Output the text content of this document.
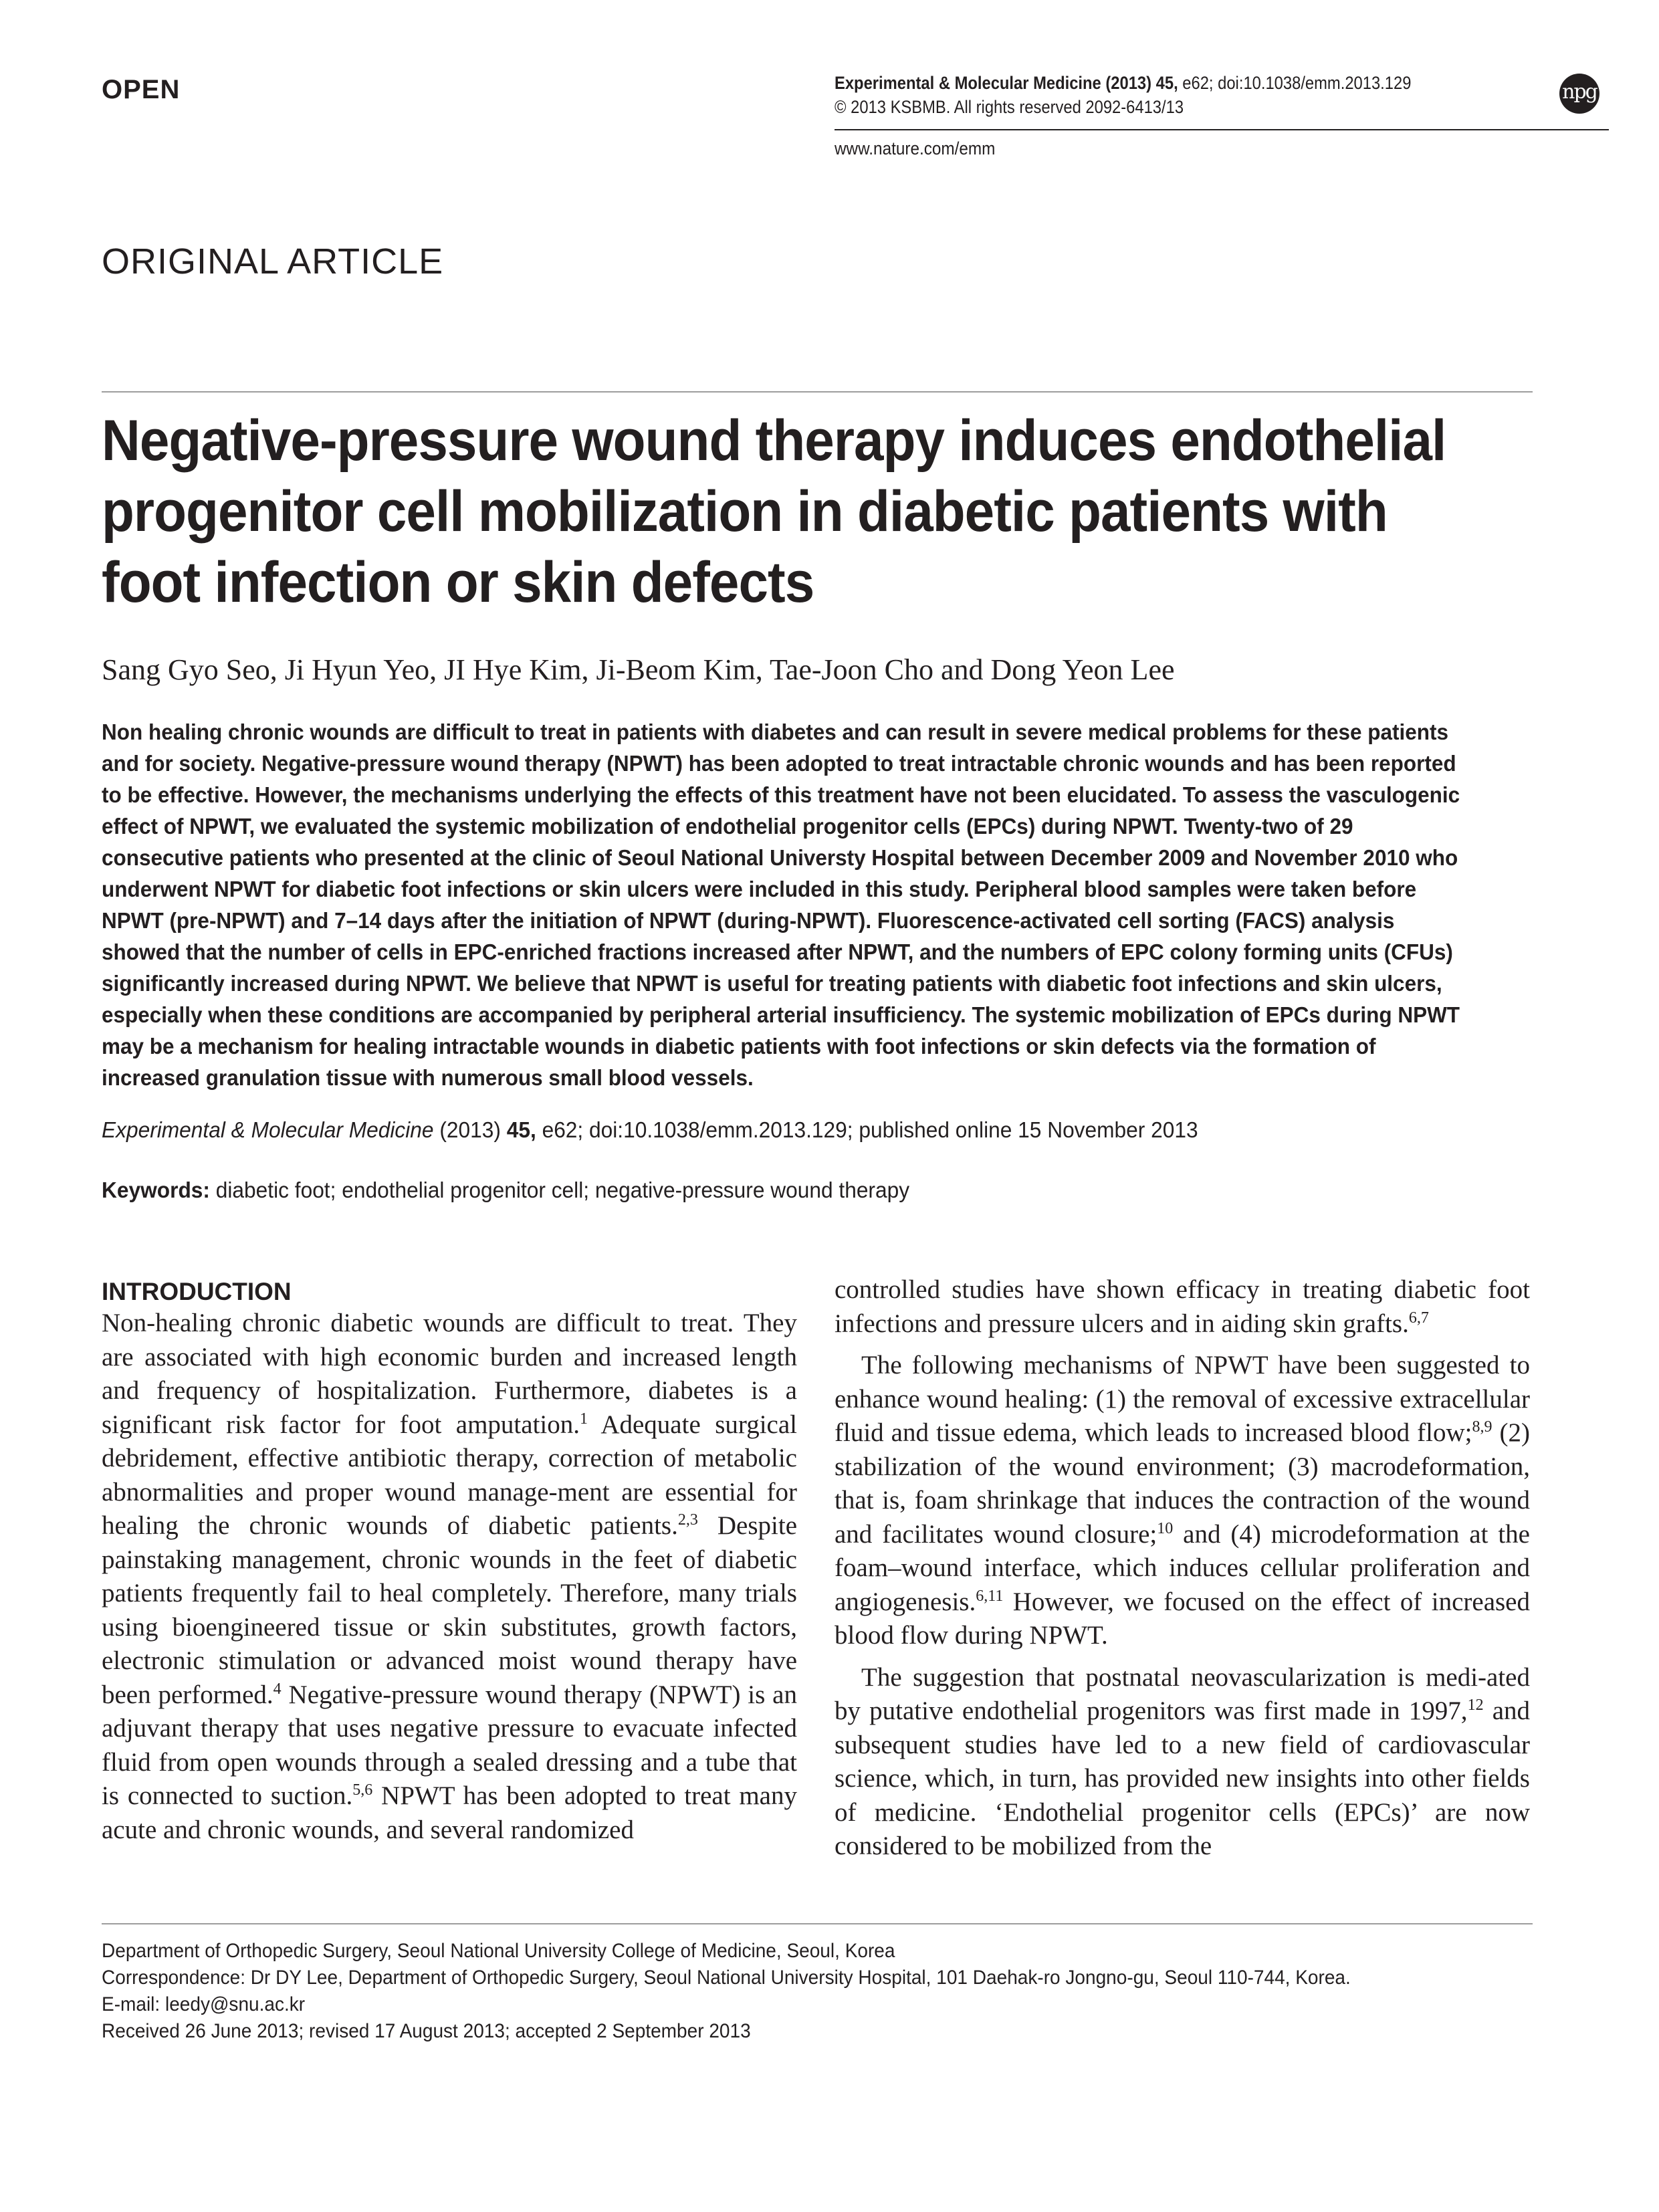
OPEN	Experimental & Molecular Medicine (2013) 45, e62; doi:10.1038/emm.2013.129
© 2013 KSBMB. All rights reserved 2092-6413/13
npg
www.nature.com/emm
ORIGINAL ARTICLE
Negative-pressure wound therapy induces endothelial progenitor cell mobilization in diabetic patients with foot infection or skin defects
Sang Gyo Seo, Ji Hyun Yeo, JI Hye Kim, Ji-Beom Kim, Tae-Joon Cho and Dong Yeon Lee
Non healing chronic wounds are difficult to treat in patients with diabetes and can result in severe medical problems for these patients and for society. Negative-pressure wound therapy (NPWT) has been adopted to treat intractable chronic wounds and has been reported to be effective. However, the mechanisms underlying the effects of this treatment have not been elucidated. To assess the vasculogenic effect of NPWT, we evaluated the systemic mobilization of endothelial progenitor cells (EPCs) during NPWT. Twenty-two of 29 consecutive patients who presented at the clinic of Seoul National Universty Hospital between December 2009 and November 2010 who underwent NPWT for diabetic foot infections or skin ulcers were included in this study. Peripheral blood samples were taken before NPWT (pre-NPWT) and 7–14 days after the initiation of NPWT (during-NPWT). Fluorescence-activated cell sorting (FACS) analysis showed that the number of cells in EPC-enriched fractions increased after NPWT, and the numbers of EPC colony forming units (CFUs) significantly increased during NPWT. We believe that NPWT is useful for treating patients with diabetic foot infections and skin ulcers, especially when these conditions are accompanied by peripheral arterial insufficiency. The systemic mobilization of EPCs during NPWT may be a mechanism for healing intractable wounds in diabetic patients with foot infections or skin defects via the formation of increased granulation tissue with numerous small blood vessels.
Experimental & Molecular Medicine (2013) 45, e62; doi:10.1038/emm.2013.129; published online 15 November 2013
Keywords: diabetic foot; endothelial progenitor cell; negative-pressure wound therapy
INTRODUCTION

Non-healing chronic diabetic wounds are difficult to treat. They are associated with high economic burden and increased length and frequency of hospitalization. Furthermore, diabetes is a significant risk factor for foot amputation.$^1$ Adequate surgical debridement, effective antibiotic therapy, correction of metabolic abnormalities and proper wound manage-ment are essential for healing the chronic wounds of diabetic patients.$^{2,3}$ Despite painstaking management, chronic wounds in the feet of diabetic patients frequently fail to heal completely. Therefore, many trials using bioengineered tissue or skin substitutes, growth factors, electronic stimulation or advanced moist wound therapy have been performed.$^4$ Negative-pressure wound therapy (NPWT) is an adjuvant therapy that uses negative pressure to evacuate infected fluid from open wounds through a sealed dressing and a tube that is connected to suction.$^{5,6}$ NPWT has been adopted to treat many acute and chronic wounds, and several randomized

controlled studies have shown efficacy in treating diabetic foot infections and pressure ulcers and in aiding skin grafts.$^{6,7}$

The following mechanisms of NPWT have been suggested to enhance wound healing: (1) the removal of excessive extracellular fluid and tissue edema, which leads to increased blood flow;$^{8,9}$ (2) stabilization of the wound environment; (3) macrodeformation, that is, foam shrinkage that induces the contraction of the wound and facilitates wound closure;$^{10}$ and (4) microdeformation at the foam–wound interface, which induces cellular proliferation and angiogenesis.$^{6,11}$ However, we focused on the effect of increased blood flow during NPWT.

The suggestion that postnatal neovascularization is medi-ated by putative endothelial progenitors was first made in 1997,12 and subsequent studies have led to a new field of cardiovascular science, which, in turn, has provided new insights into other fields of medicine. ‘Endothelial progenitor cells (EPCs)’ are now considered to be mobilized from the

Department of Orthopedic Surgery, Seoul National University College of Medicine, Seoul, Korea
Correspondence: Dr DY Lee, Department of Orthopedic Surgery, Seoul National University Hospital, 101 Daehak-ro Jongno-gu, Seoul 110-744, Korea.
E-mail: leedy@snu.ac.kr
Received 26 June 2013; revised 17 August 2013; accepted 2 September 2013
